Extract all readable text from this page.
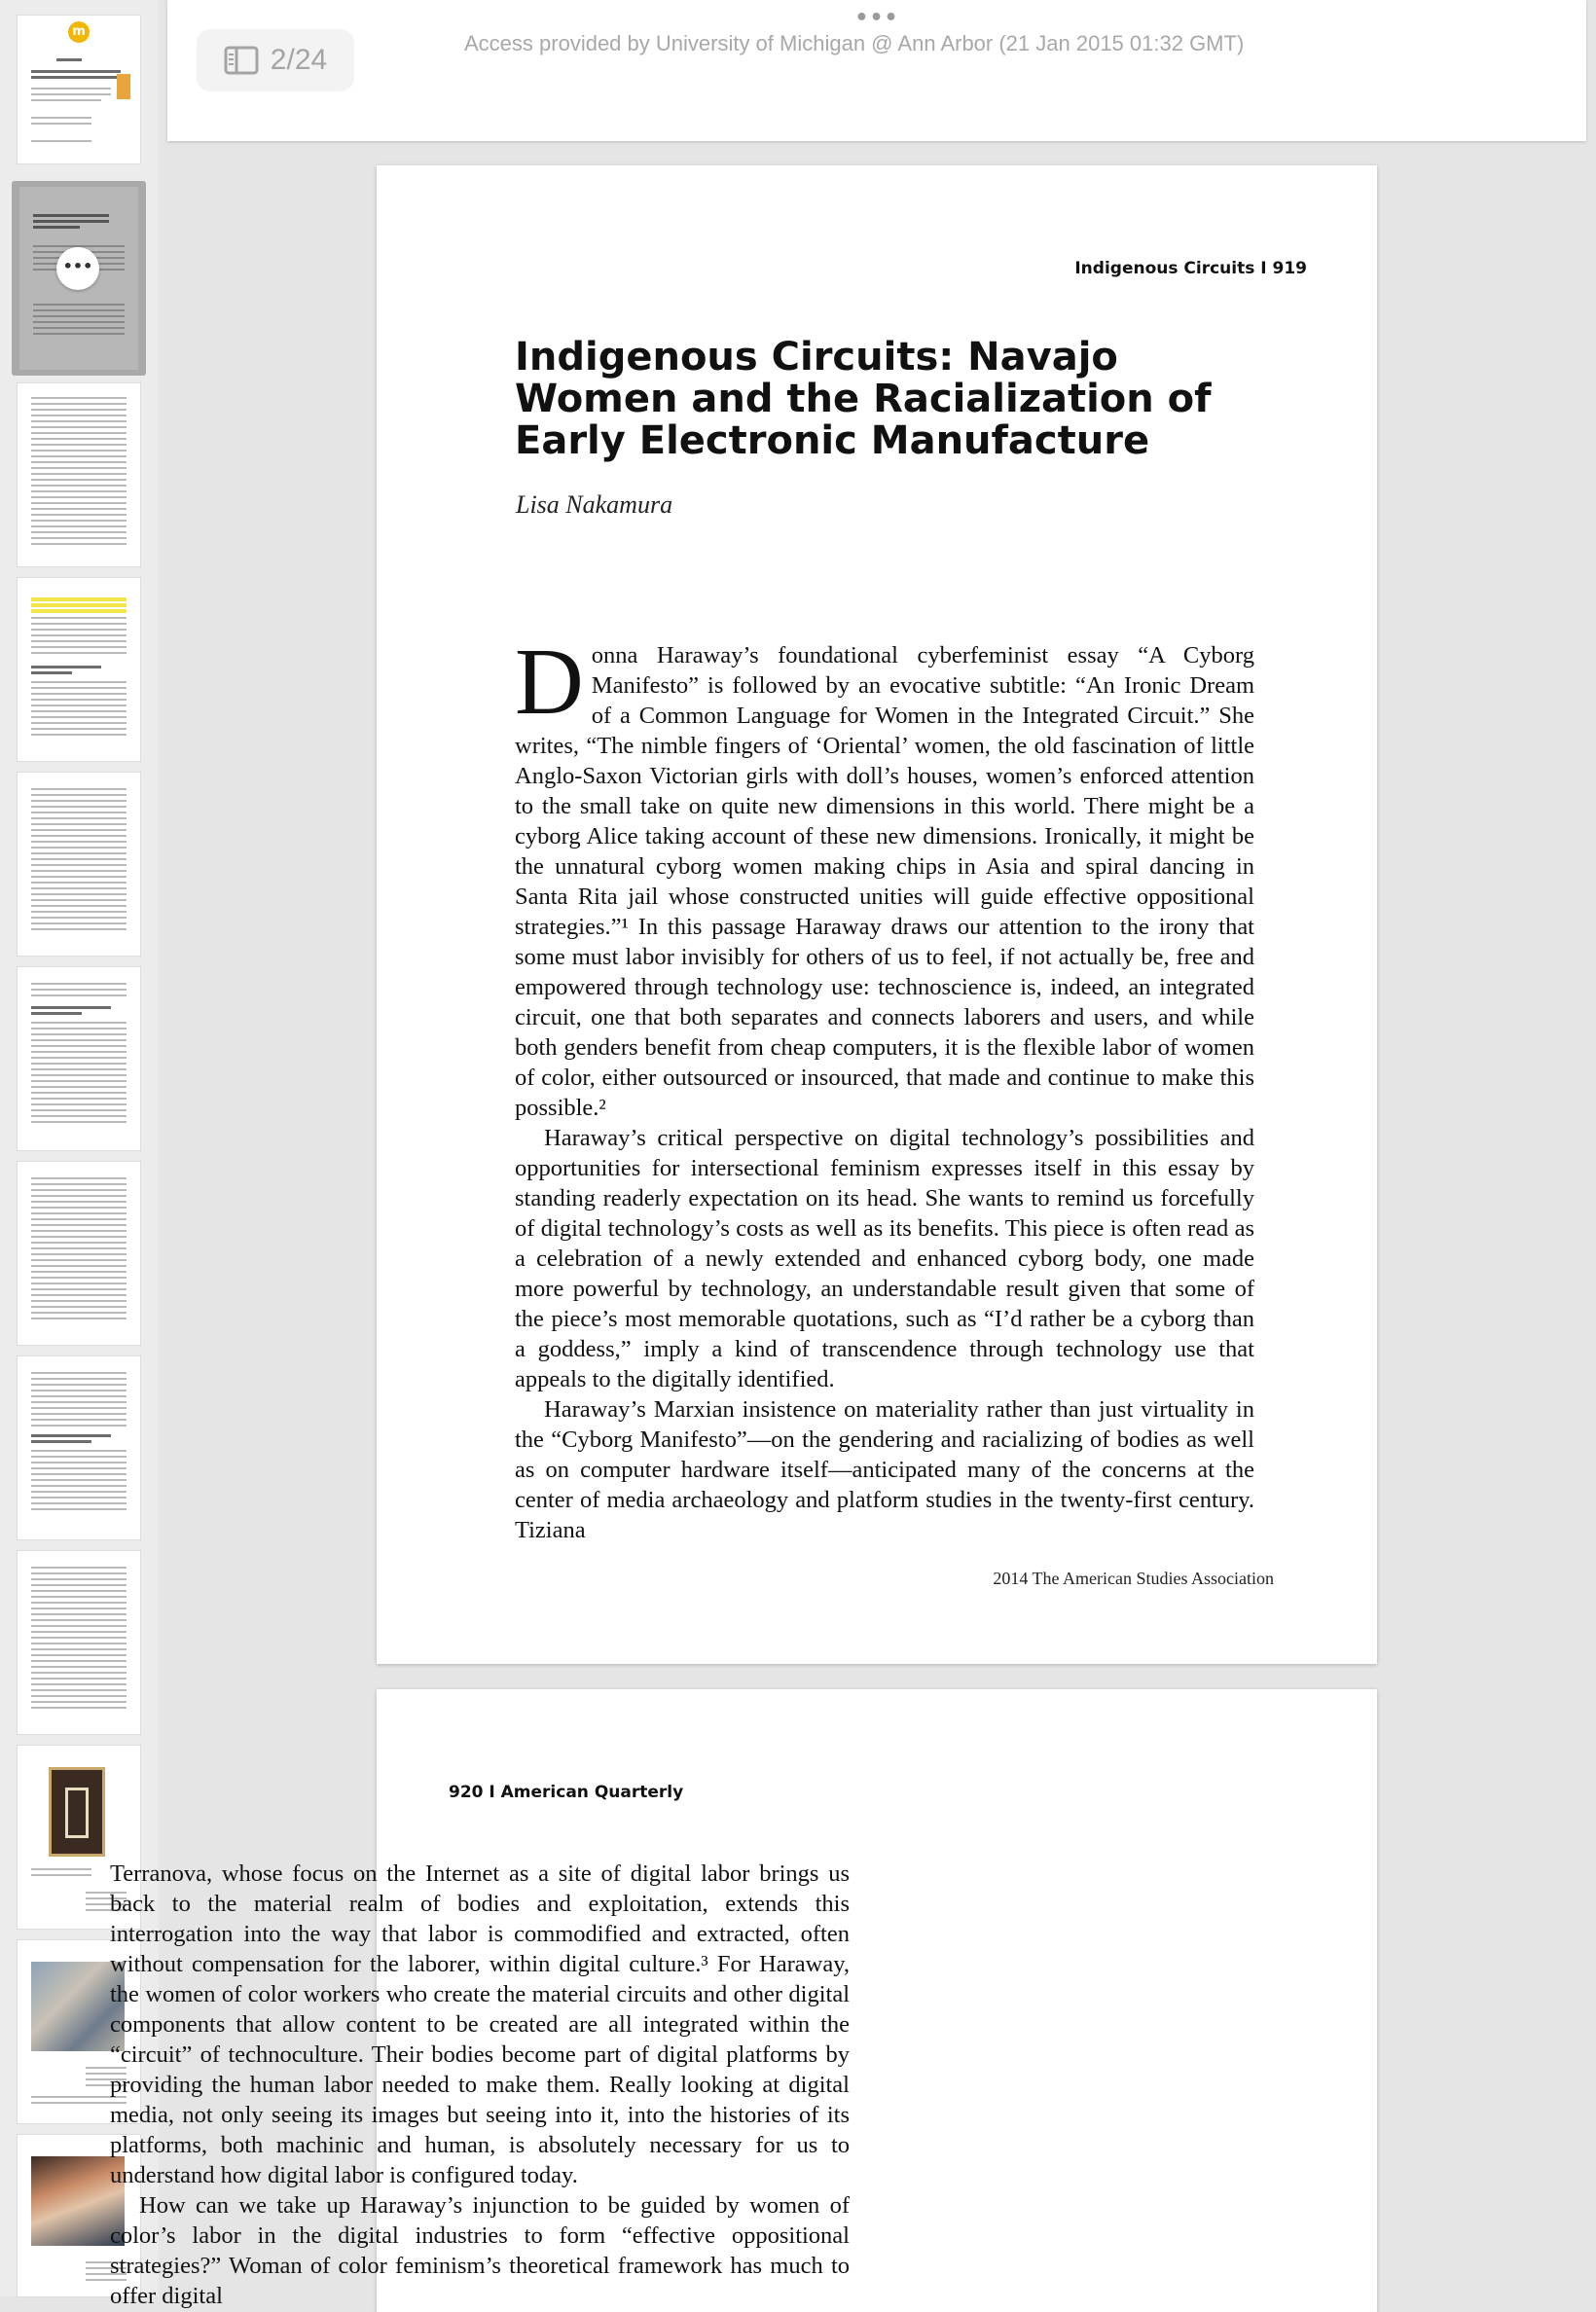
m
•••
•••
2/24
Access provided by University of Michigan @ Ann Arbor (21 Jan 2015 01:32 GMT)
Indigenous Circuits I 919
Indigenous Circuits: Navajo Women and the Racialization of Early Electronic Manufacture
Lisa Nakamura

Donna Haraway’s foundational cyberfeminist essay “A Cyborg Manifesto” is followed by an evocative subtitle: “An Ironic Dream of a Common Language for Women in the Integrated Circuit.” She writes, “The nimble fingers of ‘Oriental’ women, the old fascination of little Anglo-Saxon Victorian girls with doll’s houses, women’s enforced attention to the small take on quite new dimensions in this world. There might be a cyborg Alice taking account of these new dimensions. Ironically, it might be the unnatural cyborg women making chips in Asia and spiral dancing in Santa Rita jail whose constructed unities will guide effective oppositional strategies.”¹ In this passage Haraway draws our attention to the irony that some must labor invisibly for others of us to feel, if not actually be, free and empowered through technology use: technoscience is, indeed, an integrated circuit, one that both separates and connects laborers and users, and while both genders benefit from cheap computers, it is the flexible labor of women of color, either outsourced or insourced, that made and continue to make this possible.²

Haraway’s critical perspective on digital technology’s possibilities and opportunities for intersectional feminism expresses itself in this essay by standing readerly expectation on its head. She wants to remind us forcefully of digital technology’s costs as well as its benefits. This piece is often read as a celebration of a newly extended and enhanced cyborg body, one made more powerful by technology, an understandable result given that some of the piece’s most memorable quotations, such as “I’d rather be a cyborg than a goddess,” imply a kind of transcendence through technology use that appeals to the digitally identified.

Haraway’s Marxian insistence on materiality rather than just virtuality in the “Cyborg Manifesto”—on the gendering and racializing of bodies as well as on computer hardware itself—anticipated many of the concerns at the center of media archaeology and platform studies in the twenty-first century. Tiziana

2014 The American Studies Association
920 I American Quarterly

Terranova, whose focus on the Internet as a site of digital labor brings us back to the material realm of bodies and exploitation, extends this interrogation into the way that labor is commodified and extracted, often without compensation for the laborer, within digital culture.³ For Haraway, the women of color workers who create the material circuits and other digital components that allow content to be created are all integrated within the “circuit” of technoculture. Their bodies become part of digital platforms by providing the human labor needed to make them. Really looking at digital media, not only seeing its images but seeing into it, into the histories of its platforms, both machinic and human, is absolutely necessary for us to understand how digital labor is configured today.

How can we take up Haraway’s injunction to be guided by women of color’s labor in the digital industries to form “effective oppositional strategies?” Woman of color feminism’s theoretical framework has much to offer digital
